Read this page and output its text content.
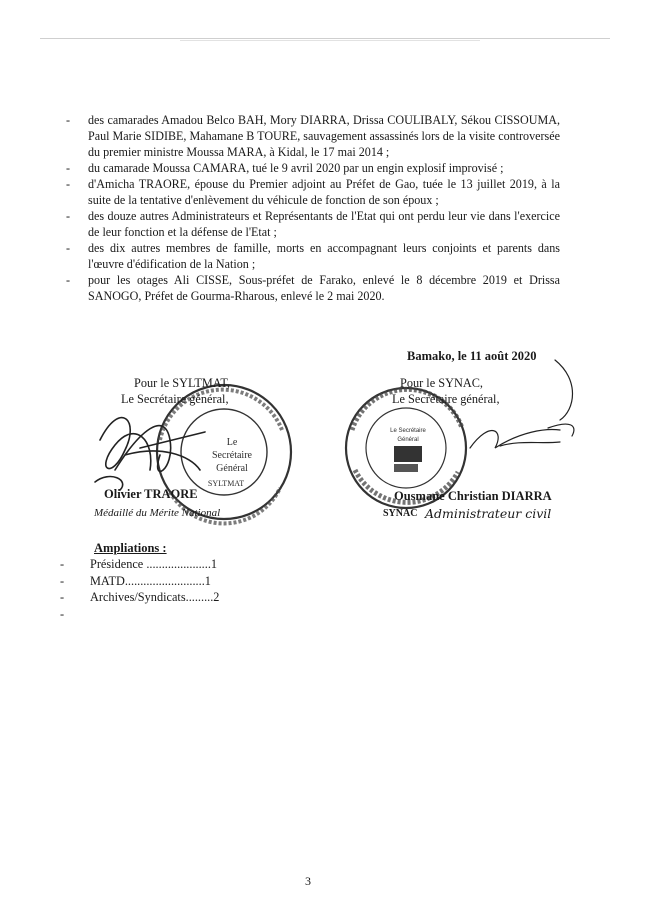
- des camarades Amadou Belco BAH, Mory DIARRA, Drissa COULIBALY, Sékou CISSOUMA, Paul Marie SIDIBE, Mahamane B TOURE, sauvagement assassinés lors de la visite controversée du premier ministre Moussa MARA, à Kidal, le 17 mai 2014 ;
- du camarade Moussa CAMARA, tué le 9 avril 2020 par un engin explosif improvisé ;
- d'Amicha TRAORE, épouse du Premier adjoint au Préfet de Gao, tuée le 13 juillet 2019, à la suite de la tentative d'enlèvement du véhicule de fonction de son époux ;
- des douze autres Administrateurs et Représentants de l'Etat qui ont perdu leur vie dans l'exercice de leur fonction et la défense de l'Etat ;
- des dix autres membres de famille, morts en accompagnant leurs conjoints et parents dans l'œuvre d'édification de la Nation ;
- pour les otages Ali CISSE, Sous-préfet de Farako, enlevé le 8 décembre 2019 et Drissa SANOGO, Préfet de Gourma-Rharous, enlevé le 2 mai 2020.
Bamako, le 11 août 2020
Le
Secrétaire
Général
SYLTMAT
Le Secrétaire
Général
Pour le SYLTMAT,
Le Secrétaire général,
Olivier TRAORE
Médaillé du Mérite National
Pour le SYNAC,
Le Secrétaire général,
Ousmane Christian DIARRA
SYNAC Administrateur civil
Ampliations :
- Présidence .....................1
- MATD..........................1
- Archives/Syndicats.........2
-
3
